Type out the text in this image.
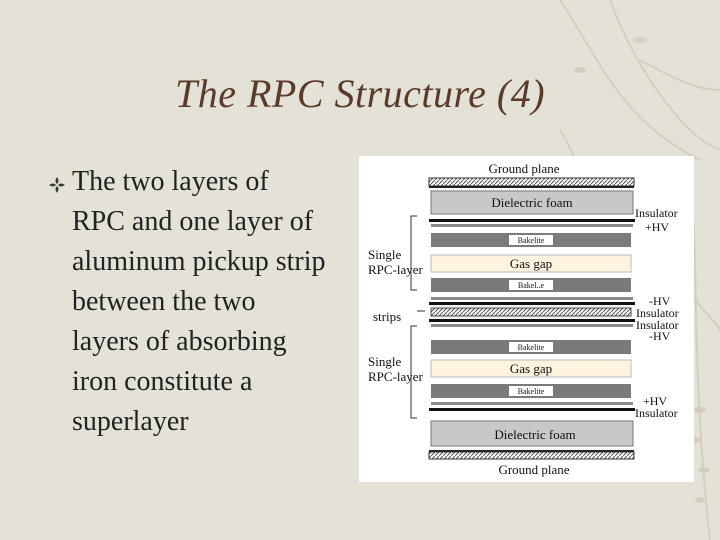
The RPC Structure (4)
The two layers of
RPC and one layer of
aluminum pickup strip
between the two
layers of absorbing
iron constitute a
superlayer
Ground plane
Dielectric foam
Bakelite
Gas gap
Bakel..e
Bakelite
Gas gap
Bakelite
Dielectric foam
Ground plane
Single
RPC-layer
strips
Single
RPC-layer
Insulator
+HV
-HV
Insulator
Insulator
-HV
+HV
Insulator
